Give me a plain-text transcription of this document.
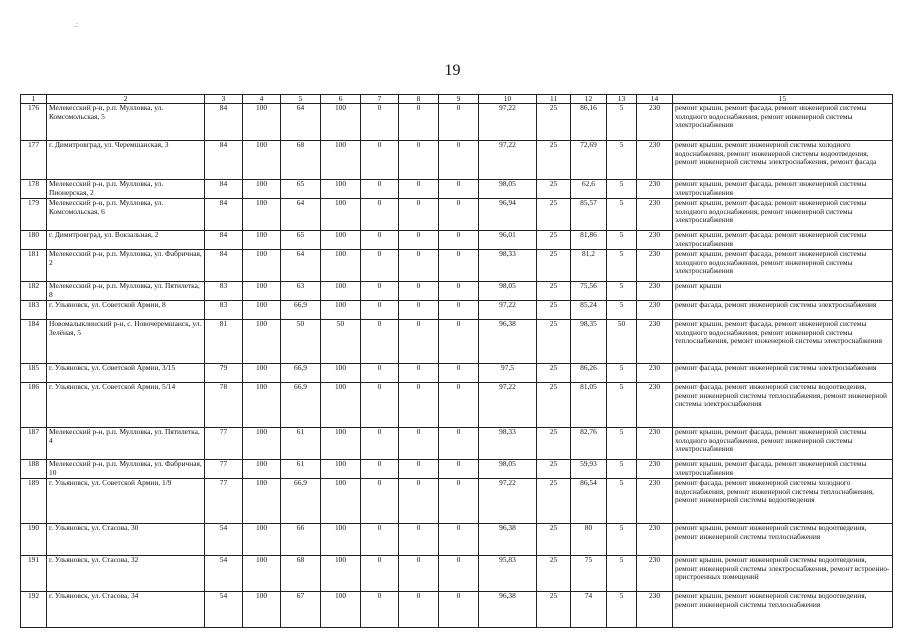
.:
19
1	2	3	4	5	6	7	8	9	10	11	12	13	14	15
176	Мелекесский р-н, р.п. Мулловка, ул. Комсомольская, 5	84	100	64	100	0	0	0	97,22	25	86,16	5	230	ремонт крыши, ремонт фасада, ремонт инженерной системы холодного водоснабжения, ремонт инженерной системы электроснабжения
177	г. Димитровград, ул. Черемшанская, 3	84	100	68	100	0	0	0	97,22	25	72,69	5	230	ремонт крыши, ремонт инженерной системы холодного водоснабжения, ремонт инженерной системы водоотведения, ремонт инженерной системы электроснабжения, ремонт фасада
178	Мелекесский р-н, р.п. Мулловка, ул. Пионерская, 2	84	100	65	100	0	0	0	98,05	25	62,6	5	230	ремонт крыши, ремонт фасада, ремонт инженерной системы электроснабжения
179	Мелекесский р-н, р.п. Мулловка, ул. Комсомольская, 6	84	100	64	100	0	0	0	96,94	25	85,57	5	230	ремонт крыши, ремонт фасада, ремонт инженерной системы холодного водоснабжения, ремонт инженерной системы электроснабжения
180	г. Димитровград, ул. Вокзальная, 2	84	100	65	100	0	0	0	96,01	25	81,86	5	230	ремонт крыши, ремонт фасада, ремонт инженерной системы электроснабжения
181	Мелекесский р-н, р.п. Мулловка, ул. Фабричная, 2	84	100	64	100	0	0	0	98,33	25	81,2	5	230	ремонт крыши, ремонт фасада, ремонт инженерной системы холодного водоснабжения, ремонт инженерной системы электроснабжения
182	Мелекесский р-н, р.п. Мулловка, ул. Пятилетка, 8	83	100	63	100	0	0	0	98,05	25	75,56	5	230	ремонт крыши
183	г. Ульяновск, ул. Советской Армии, 8	83	100	66,9	100	0	0	0	97,22	25	85,24	5	230	ремонт фасада, ремонт инженерной системы электроснабжения
184	Новомалыклинский р-н, с. Новочеремшанск, ул. Зелёная, 5	81	100	50	50	0	0	0	96,38	25	98,35	50	230	ремонт крыши, ремонт фасада, ремонт инженерной системы холодного водоснабжения, ремонт инженерной системы теплоснабжения, ремонт инженерной системы электроснабжения
185	г. Ульяновск, ул. Советской Армии, 3/15	79	100	66,9	100	0	0	0	97,5	25	86,26	5	230	ремонт фасада, ремонт инженерной системы электроснабжения
186	г. Ульяновск, ул. Советской Армии, 5/14	78	100	66,9	100	0	0	0	97,22	25	81,05	5	230	ремонт фасада, ремонт инженерной системы водоотведения, ремонт инженерной системы теплоснабжения, ремонт инженерной системы электроснабжения
187	Мелекесский р-н, р.п. Мулловка, ул. Пятилетка, 4	77	100	61	100	0	0	0	98,33	25	82,76	5	230	ремонт крыши, ремонт фасада, ремонт инженерной системы холодного водоснабжения, ремонт инженерной системы электроснабжения
188	Мелекесский р-н, р.п. Мулловка, ул. Фабричная, 10	77	100	61	100	0	0	0	98,05	25	59,93	5	230	ремонт крыши, ремонт фасада, ремонт инженерной системы электроснабжения
189	г. Ульяновск, ул. Советской Армии, 1/9	77	100	66,9	100	0	0	0	97,22	25	86,54	5	230	ремонт фасада, ремонт инженерной системы холодного водоснабжения, ремонт инженерной системы теплоснабжения, ремонт инженерной системы водоотведения
190	г. Ульяновск, ул. Стасова, 30	54	100	66	100	0	0	0	96,38	25	80	5	230	ремонт крыши, ремонт инженерной системы водоотведения, ремонт инженерной системы теплоснабжения
191	г. Ульяновск, ул. Стасова, 32	54	100	68	100	0	0	0	95,83	25	75	5	230	ремонт крыши, ремонт инженерной системы водоотведения, ремонт инженерной системы электроснабжения, ремонт встроенно-пристроенных помещений
192	г. Ульяновск, ул. Стасова, 34	54	100	67	100	0	0	0	96,38	25	74	5	230	ремонт крыши, ремонт инженерной системы водоотведения, ремонт инженерной системы теплоснабжения
